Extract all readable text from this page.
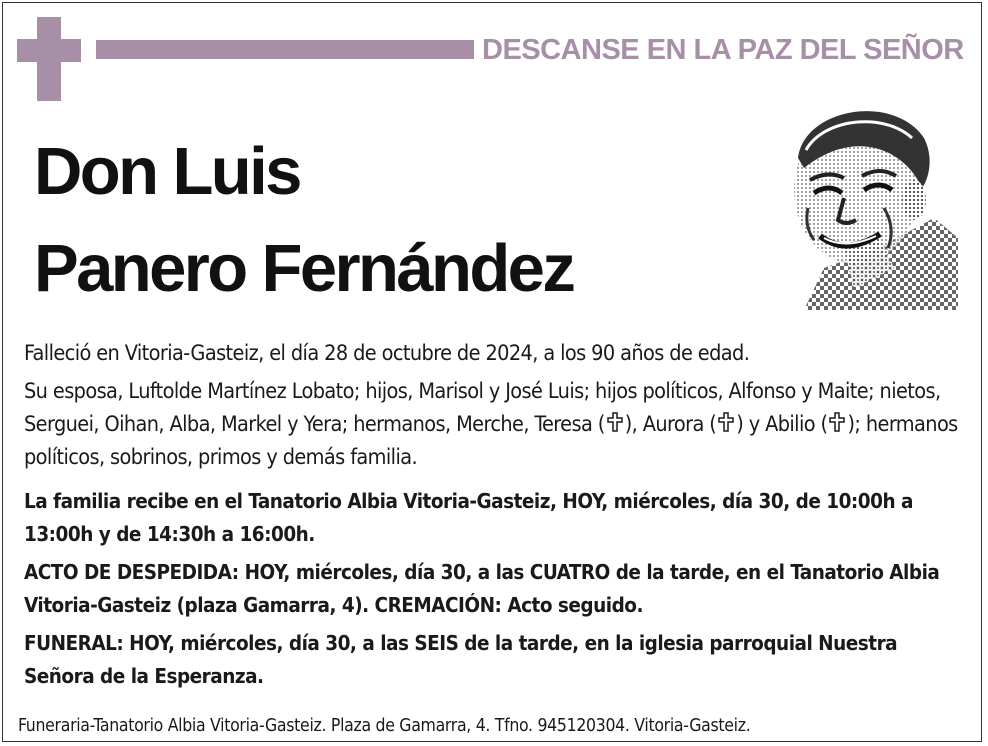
DESCANSE EN LA PAZ DEL SEÑOR
Don Luis
Panero Fernández
Falleció en Vitoria-Gasteiz, el día 28 de octubre de 2024, a los 90 años de edad.
Su esposa, Luftolde Martínez Lobato; hijos, Marisol y José Luis; hijos políticos, Alfonso y Maite; nietos, Serguei, Oihan, Alba, Markel y Yera; hermanos, Merche, Teresa ( ), Aurora ( ) y Abilio ( ); hermanos políticos, sobrinos, primos y demás familia.
La familia recibe en el Tanatorio Albia Vitoria-Gasteiz, HOY, miércoles, día 30, de 10:00h a 13:00h y de 14:30h a 16:00h.
ACTO DE DESPEDIDA: HOY, miércoles, día 30, a las CUATRO de la tarde, en el Tanatorio Albia Vitoria-Gasteiz (plaza Gamarra, 4). CREMACIÓN: Acto seguido.
FUNERAL: HOY, miércoles, día 30, a las SEIS de la tarde, en la iglesia parroquial Nuestra Señora de la Esperanza.
Funeraria-Tanatorio Albia Vitoria-Gasteiz. Plaza de Gamarra, 4. Tfno. 945120304. Vitoria-Gasteiz.
